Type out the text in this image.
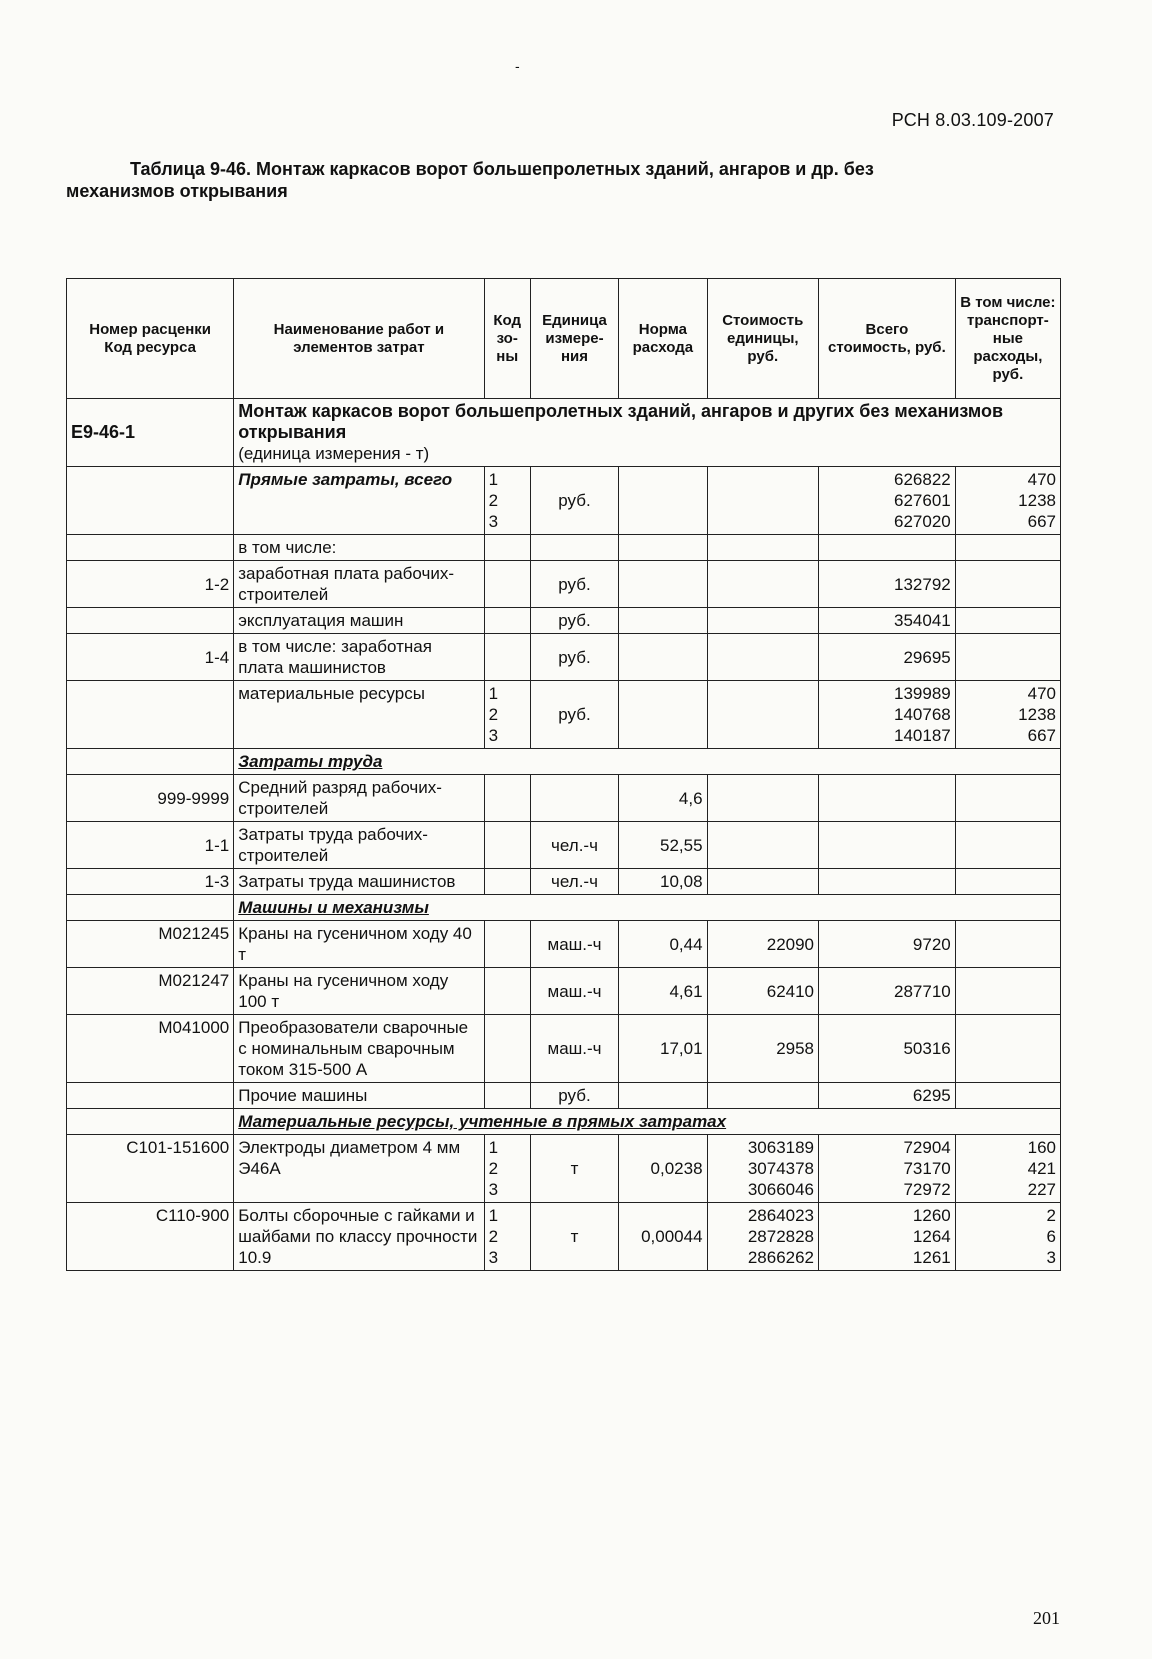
-
РСН 8.03.109-2007
Таблица 9-46. Монтаж каркасов ворот большепролетных зданий, ангаров и др. без механизмов открывания
Номер расценки
Код ресурса	Наименование работ и элементов затрат	Код зо-ны	Единица измере-ния	Норма расхода	Стоимость единицы, руб.	Всего стоимость, руб.	В том числе: транспорт-ные расходы, руб.
Е9-46-1	Монтаж каркасов ворот большепролетных зданий, ангаров и других без механизмов открывания
(единица измерения - т)						

	Прямые затраты, всего	1
2
3	руб.			626822
627601
627020	470
1238
667
	в том числе:						
1-2	заработная плата рабочих-строителей		руб.			132792	
	эксплуатация машин		руб.			354041	
1-4	в том числе: заработная плата машинистов		руб.			29695	
	материальные ресурсы	1
2
3	руб.			139989
140768
140187	470
1238
667
	Затраты труда						
999-9999	Средний разряд рабочих-строителей			4,6			
1-1	Затраты труда рабочих-строителей		чел.-ч	52,55			
1-3	Затраты труда машинистов		чел.-ч	10,08			
	Машины и механизмы						
М021245	Краны на гусеничном ходу 40 т		маш.-ч	0,44	22090	9720	
М021247	Краны на гусеничном ходу 100 т		маш.-ч	4,61	62410	287710	
М041000	Преобразователи сварочные с номинальным сварочным током 315-500 А		маш.-ч	17,01	2958	50316	
	Прочие машины		руб.			6295	
	Материальные ресурсы, учтенные в прямых затратах						
С101-151600	Электроды диаметром 4 мм Э46А	1
2
3	т	0,0238	3063189
3074378
3066046	72904
73170
72972	160
421
227
С110-900	Болты сборочные с гайками и шайбами по классу прочности 10.9	1
2
3	т	0,00044	2864023
2872828
2866262	1260
1264
1261	2
6
3
201
